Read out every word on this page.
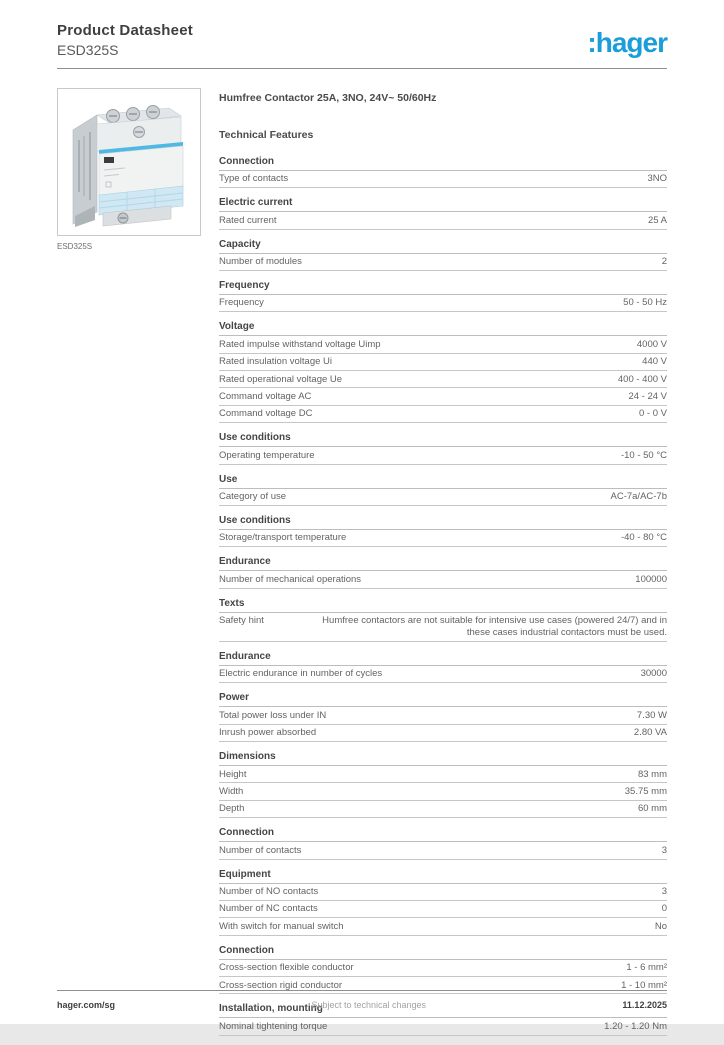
Product Datasheet
ESD325S	:hager
ESD325S
Humfree Contactor 25A, 3NO, 24V~ 50/60Hz
Technical Features
Connection
Type of contacts	3NO
Electric current
Rated current	25 A
Capacity
Number of modules	2
Frequency
Frequency	50 - 50 Hz
Voltage
Rated impulse withstand voltage Uimp	4000 V
Rated insulation voltage Ui	440 V
Rated operational voltage Ue	400 - 400 V
Command voltage AC	24 - 24 V
Command voltage DC	0 - 0 V
Use conditions
Operating temperature	-10 - 50 °C
Use
Category of use	AC-7a/AC-7b
Use conditions
Storage/transport temperature	-40 - 80 °C
Endurance
Number of mechanical operations	100000
Texts
Safety hint	Humfree contactors are not suitable for intensive use cases (powered 24/7) and in these cases industrial contactors must be used.
Endurance
Electric endurance in number of cycles	30000
Power
Total power loss under IN	7.30 W
Inrush power absorbed	2.80 VA
Dimensions
Height	83 mm
Width	35.75 mm
Depth	60 mm
Connection
Number of contacts	3
Equipment
Number of NO contacts	3
Number of NC contacts	0
With switch for manual switch	No
Connection
Cross-section flexible conductor	1 - 6 mm²
Cross-section rigid conductor	1 - 10 mm²
Installation, mounting
Nominal tightening torque	1.20 - 1.20 Nm
hager.com/sg	Subject to technical changes	11.12.2025
